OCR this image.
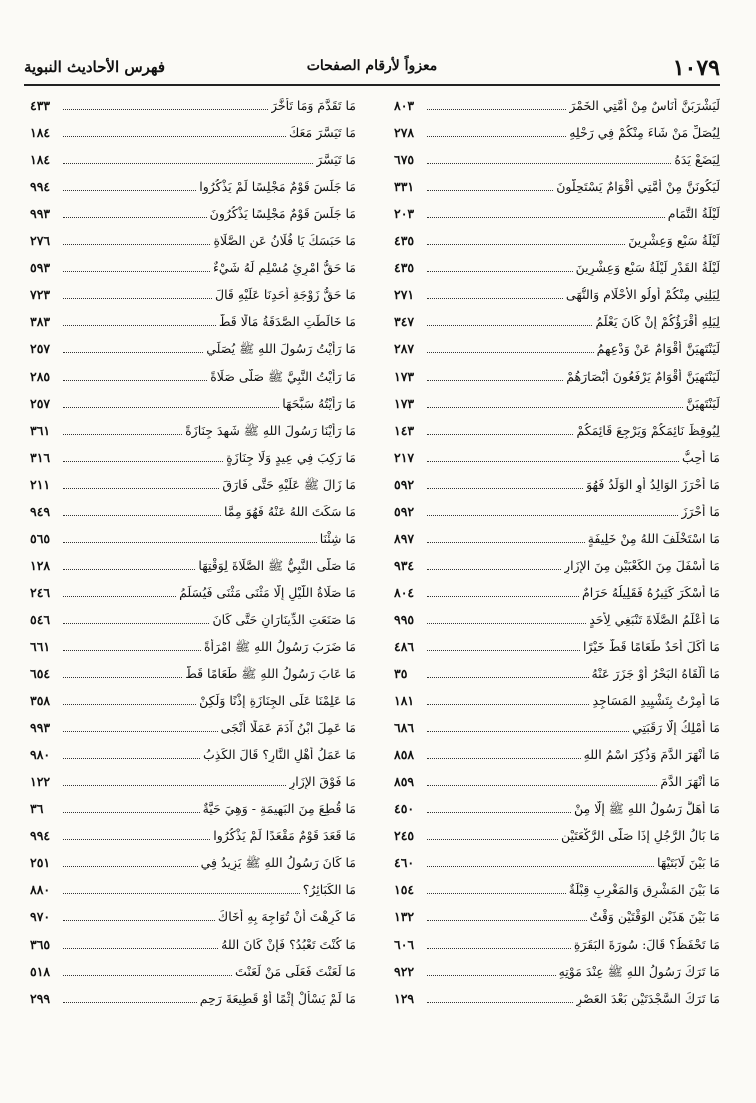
١٠٧٩
معزواً لأرقام الصفحات
فهرس الأحاديث النبوية
لَيَشْرَبَنَّ أُنَاسٌ مِنْ أُمَّتِي الخَمْرَ
٨٠٣
لِيُصَلِّ مَنْ شَاءَ مِنْكُمْ فِي رَحْلِهِ
٢٧٨
لِيَضَعْ يَدَهُ
٦٧٥
لَيَكُونَنَّ مِنْ أُمَّتِي أَقْوَامٌ يَسْتَحِلُّونَ
٣٣١
لَيْلَةُ التَّمَامِ
٢٠٣
لَيْلَةُ سَبْعٍ وَعِشْرِينَ
٤٣٥
لَيْلَةُ القَدْرِ لَيْلَةُ سَبْعٍ وَعِشْرِينَ
٤٣٥
لِيَلِنِي مِنْكُمْ أُولُو الأَحْلَامِ وَالنُّهَى
٢٧١
لِيَلِهِ أَقْرَؤُكُمْ إِنْ كَانَ يَعْلَمُ
٣٤٧
لَيَنْتَهِيَنَّ أَقْوَامٌ عَنْ وَدْعِهِمُ
٢٨٧
لَيَنْتَهِيَنَّ أَقْوَامٌ يَرْفَعُونَ أَبْصَارَهُمْ
١٧٣
لَيَنْتَهِيَنَّ
١٧٣
لِيُوقِظَ نَائِمَكُمْ وَيَرْجِعَ قَائِمَكُمْ
١٤٣
مَا أُحِبُّ
٢١٧
مَا أَحْرَزَ الوَالِدُ أَوِ الوَلَدُ فَهُوَ
٥٩٢
مَا أَحْرَزَ
٥٩٢
مَا اسْتَخْلَفَ اللهُ مِنْ خَلِيفَةٍ
٨٩٧
مَا أَسْفَلَ مِنَ الكَعْبَيْنِ مِنَ الإِزَارِ
٩٣٤
مَا أَسْكَرَ كَثِيرُهُ فَقَلِيلُهُ حَرَامٌ
٨٠٤
مَا أَعْلَمُ الصَّلَاةَ تَنْبَغِي لِأَحَدٍ
٩٩٥
مَا أَكَلَ أَحَدٌ طَعَامًا قَطُّ خَيْرًا
٤٨٦
مَا أَلْقَاهُ البَحْرُ أَوْ جَزَرَ عَنْهُ
٣٥
مَا أُمِرْتُ بِتَشْيِيدِ المَسَاجِدِ
١٨١
مَا أَمْلِكُ إِلَّا رَقَبَتِي
٦٨٦
مَا أَنْهَرَ الدَّمَ وَذُكِرَ اسْمُ اللهِ
٨٥٨
مَا أَنْهَرَ الدَّمَ
٨٥٩
مَا أَهَلَّ رَسُولُ اللهِ ﷺ إِلَّا مِنْ
٤٥٠
مَا بَالُ الرَّجُلِ إِذَا صَلَّى الرَّكْعَتَيْنِ
٢٤٥
مَا بَيْنَ لَابَتَيْهَا
٤٦٠
مَا بَيْنَ المَشْرِقِ وَالمَغْرِبِ قِبْلَةٌ
١٥٤
مَا بَيْنَ هَذَيْنِ الوَقْتَيْنِ وَقْتٌ
١٣٢
مَا تَحْفَظُ؟ قَالَ: سُورَةَ البَقَرَةِ
٦٠٦
مَا تَرَكَ رَسُولُ اللهِ ﷺ عِنْدَ مَوْتِهِ
٩٢٢
مَا تَرَكَ السَّجْدَتَيْنِ بَعْدَ العَصْرِ
١٢٩
مَا تَقَدَّمَ وَمَا تَأَخَّرَ
٤٣٣
مَا تَيَسَّرَ مَعَكَ
١٨٤
مَا تَيَسَّرَ
١٨٤
مَا جَلَسَ قَوْمٌ مَجْلِسًا لَمْ يَذْكُرُوا
٩٩٤
مَا جَلَسَ قَوْمٌ مَجْلِسًا يَذْكُرُونَ
٩٩٣
مَا حَبَسَكَ يَا فُلَانُ عَنِ الصَّلَاةِ
٢٧٦
مَا حَقُّ امْرِئٍ مُسْلِمٍ لَهُ شَيْءٌ
٥٩٣
مَا حَقُّ زَوْجَةِ أَحَدِنَا عَلَيْهِ قَالَ
٧٢٣
مَا خَالَطَتِ الصَّدَقَةُ مَالًا قَطُّ
٣٨٣
مَا رَأَيْتُ رَسُولَ اللهِ ﷺ يُصَلِّي
٢٥٧
مَا رَأَيْتُ النَّبِيَّ ﷺ صَلَّى صَلَاةً
٢٨٥
مَا رَأَيْتُهُ سَبَّحَهَا
٢٥٧
مَا رَأَيْنَا رَسُولَ اللهِ ﷺ شَهِدَ جِنَازَةً
٣٦١
مَا رَكِبَ فِي عِيدٍ وَلَا جِنَازَةٍ
٣١٦
مَا زَالَ ﷺ عَلَيْهِ حَتَّى فَارَقَ
٢١١
مَا سَكَتَ اللهُ عَنْهُ فَهُوَ مِمَّا
٩٤٩
مَا شِئْنَا
٥٦٥
مَا صَلَّى النَّبِيُّ ﷺ الصَّلَاةَ لِوَقْتِهَا
١٢٨
مَا صَلَاةُ اللَّيْلِ إِلَّا مَثْنَى مَثْنَى فَيُسَلِّمُ
٢٤٦
مَا صَنَعَتِ الدِّينَارَانِ حَتَّى كَانَ
٥٤٦
مَا ضَرَبَ رَسُولُ اللهِ ﷺ امْرَأَةً
٦٦١
مَا عَابَ رَسُولُ اللهِ ﷺ طَعَامًا قَطُّ
٦٥٤
مَا عَلِمْنَا عَلَى الجِنَازَةِ إِذْنًا وَلَكِنْ
٣٥٨
مَا عَمِلَ ابْنُ آدَمَ عَمَلًا أَنْجَى
٩٩٣
مَا عَمَلُ أَهْلِ النَّارِ؟ قَالَ الكَذِبُ
٩٨٠
مَا فَوْقَ الإِزَارِ
١٢٢
مَا قُطِعَ مِنَ البَهِيمَةِ - وَهِيَ حَيَّةٌ
٣٦
مَا قَعَدَ قَوْمٌ مَقْعَدًا لَمْ يَذْكُرُوا
٩٩٤
مَا كَانَ رَسُولُ اللهِ ﷺ يَزِيدُ فِي
٢٥١
مَا الكَبَائِرُ؟
٨٨٠
مَا كَرِهْتَ أَنْ تُوَاجِهَ بِهِ أَخَاكَ
٩٧٠
مَا كُنْتَ تَعْبُدُ؟ فَإِنْ كَانَ اللهُ
٣٦٥
مَا لَعَنْتَ فَعَلَى مَنْ لَعَنْتَ
٥١٨
مَا لَمْ يَسْأَلْ إِثْمًا أَوْ قَطِيعَةَ رَحِمٍ
٢٩٩
